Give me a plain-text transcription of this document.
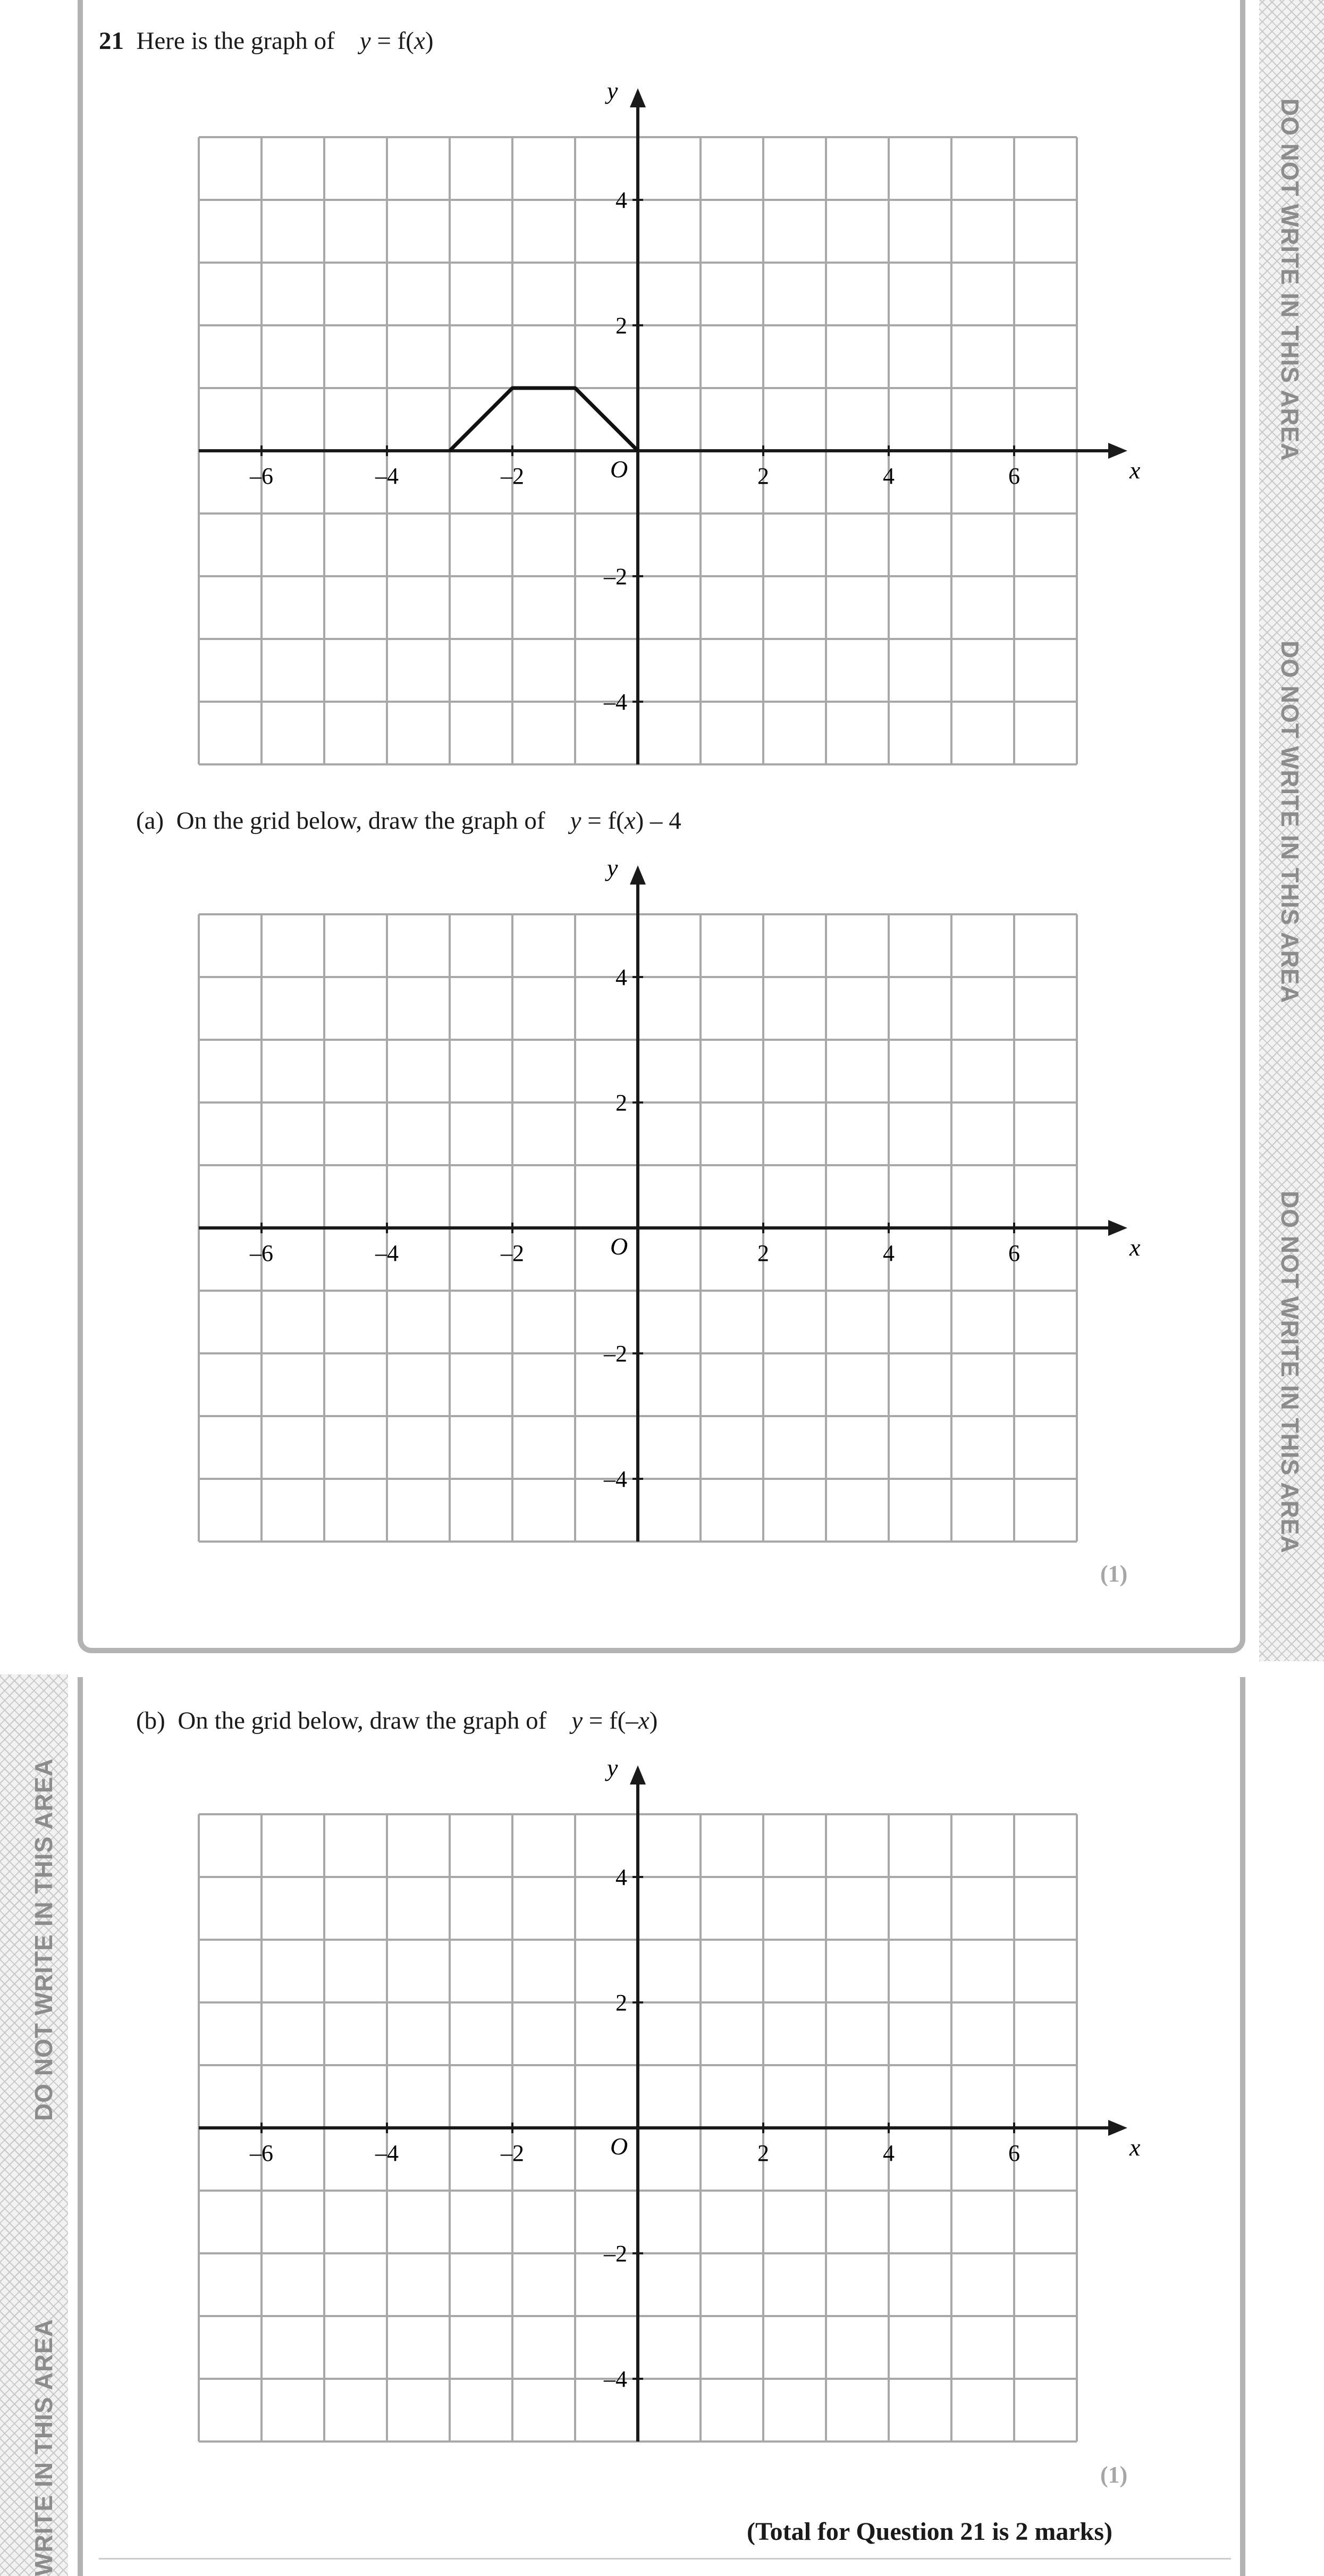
DO NOT WRITE IN THIS AREA
DO NOT WRITE IN THIS AREA
DO NOT WRITE IN THIS AREA
DO NOT WRITE IN THIS AREA
WRITE IN THIS AREA
21 Here is the graph of y = f(x)
(a) On the grid below, draw the graph of y = f(x) – 4
(1)
(b) On the grid below, draw the graph of y = f(–x)
(1)
(Total for Question 21 is 2 marks)
x
y
O
–6	–4	–2	2	4	6
–4
–2
2
4
x
y
O
–6	–4	–2	2	4	6
–4
–2
2
4
x
y
O
–6	–4	–2	2	4	6
–4
–2
2
4
